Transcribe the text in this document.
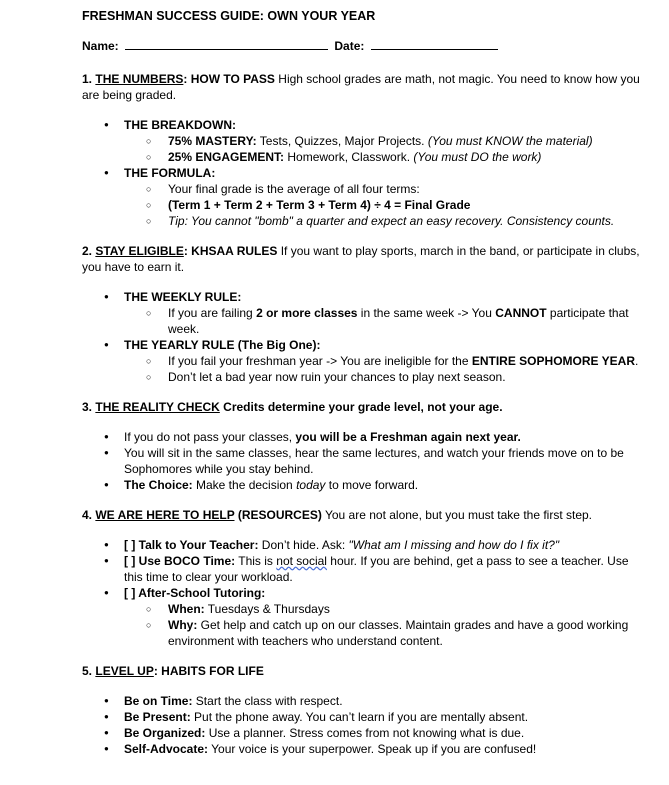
FRESHMAN SUCCESS GUIDE: OWN YOUR YEAR
Name:	Date:
1. THE NUMBERS: HOW TO PASS High school grades are math, not magic. You need to know how you are being graded.
● THE BREAKDOWN:
○ 75% MASTERY: Tests, Quizzes, Major Projects. (You must KNOW the material)
○ 25% ENGAGEMENT: Homework, Classwork. (You must DO the work)
● THE FORMULA:
○ Your final grade is the average of all four terms:
○ (Term 1 + Term 2 + Term 3 + Term 4) ÷ 4 = Final Grade
○ Tip: You cannot "bomb" a quarter and expect an easy recovery. Consistency counts.
2. STAY ELIGIBLE: KHSAA RULES If you want to play sports, march in the band, or participate in clubs, you have to earn it.
● THE WEEKLY RULE:
○ If you are failing 2 or more classes in the same week -> You CANNOT participate that week.
● THE YEARLY RULE (The Big One):
○ If you fail your freshman year -> You are ineligible for the ENTIRE SOPHOMORE YEAR.
○ Don’t let a bad year now ruin your chances to play next season.
3. THE REALITY CHECK Credits determine your grade level, not your age.
● If you do not pass your classes, you will be a Freshman again next year.
● You will sit in the same classes, hear the same lectures, and watch your friends move on to be Sophomores while you stay behind.
● The Choice: Make the decision today to move forward.
4. WE ARE HERE TO HELP (RESOURCES) You are not alone, but you must take the first step.
● [ ] Talk to Your Teacher: Don’t hide. Ask: "What am I missing and how do I fix it?"
● [ ] Use BOCO Time: This is not social hour. If you are behind, get a pass to see a teacher. Use this time to clear your workload.
● [ ] After-School Tutoring:
○ When: Tuesdays & Thursdays
○ Why: Get help and catch up on our classes. Maintain grades and have a good working environment with teachers who understand content.
5. LEVEL UP: HABITS FOR LIFE
● Be on Time: Start the class with respect.
● Be Present: Put the phone away. You can’t learn if you are mentally absent.
● Be Organized: Use a planner. Stress comes from not knowing what is due.
● Self-Advocate: Your voice is your superpower. Speak up if you are confused!
